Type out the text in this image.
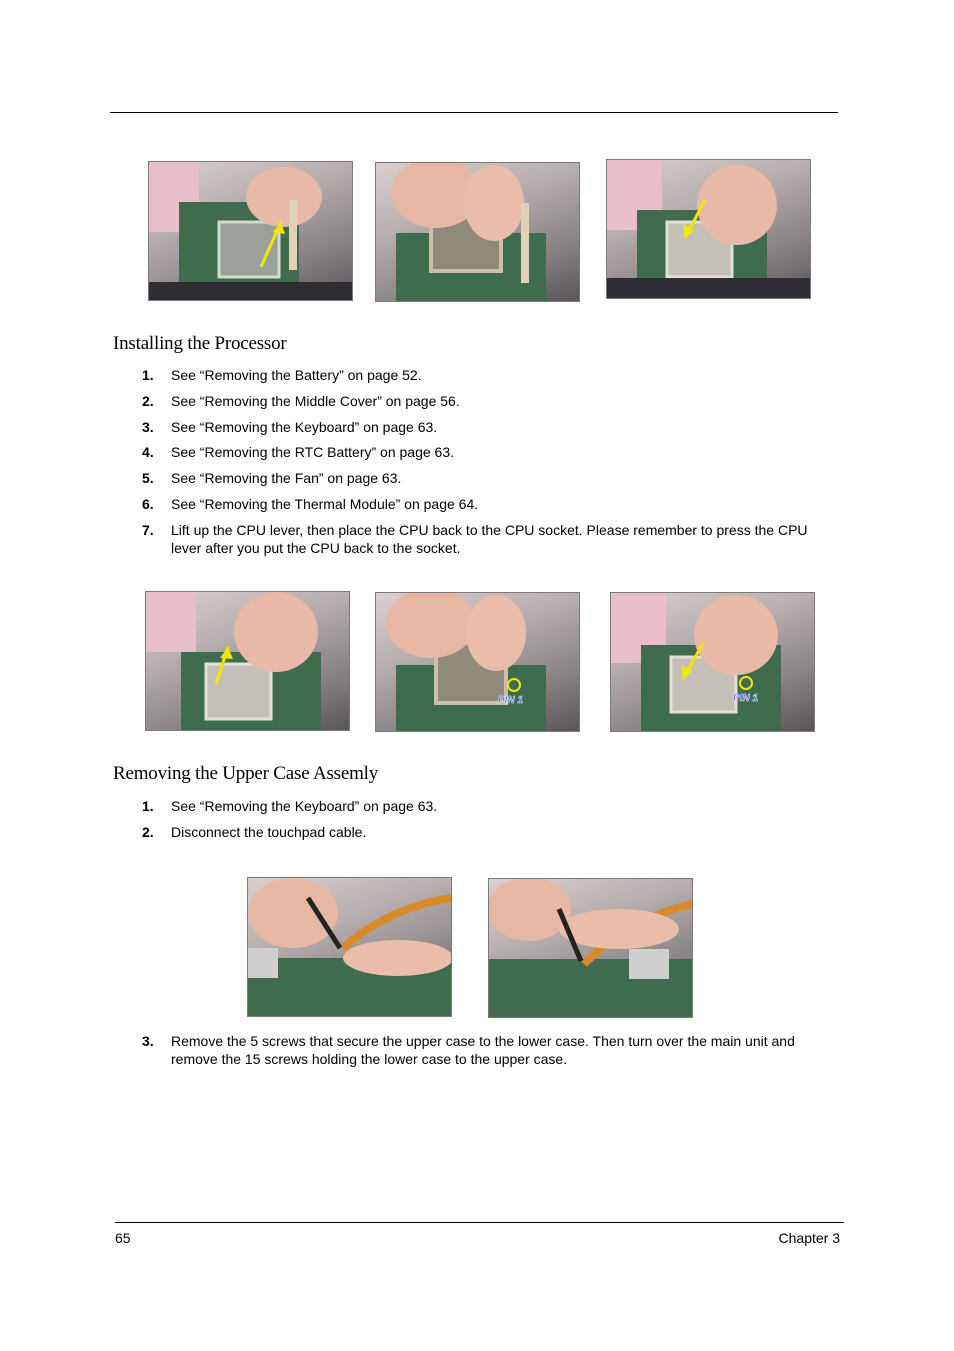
Installing the Processor
1. See “Removing the Battery” on page 52.
2. See “Removing the Middle Cover” on page 56.
3. See “Removing the Keyboard” on page 63.
4. See “Removing the RTC Battery” on page 63.
5. See “Removing the Fan” on page 63.
6. See “Removing the Thermal Module” on page 64.
7. Lift up the CPU lever, then place the CPU back to the CPU socket. Please remember to press the CPU lever after you put the CPU back to the socket.
PIN 1	PIN 1
Removing the Upper Case Assemly
1. See “Removing the Keyboard” on page 63.
2. Disconnect the touchpad cable.
3. Remove the 5 screws that secure the upper case to the lower case. Then turn over the main unit and remove the 15 screws holding the lower case to the upper case.
65	Chapter 3
